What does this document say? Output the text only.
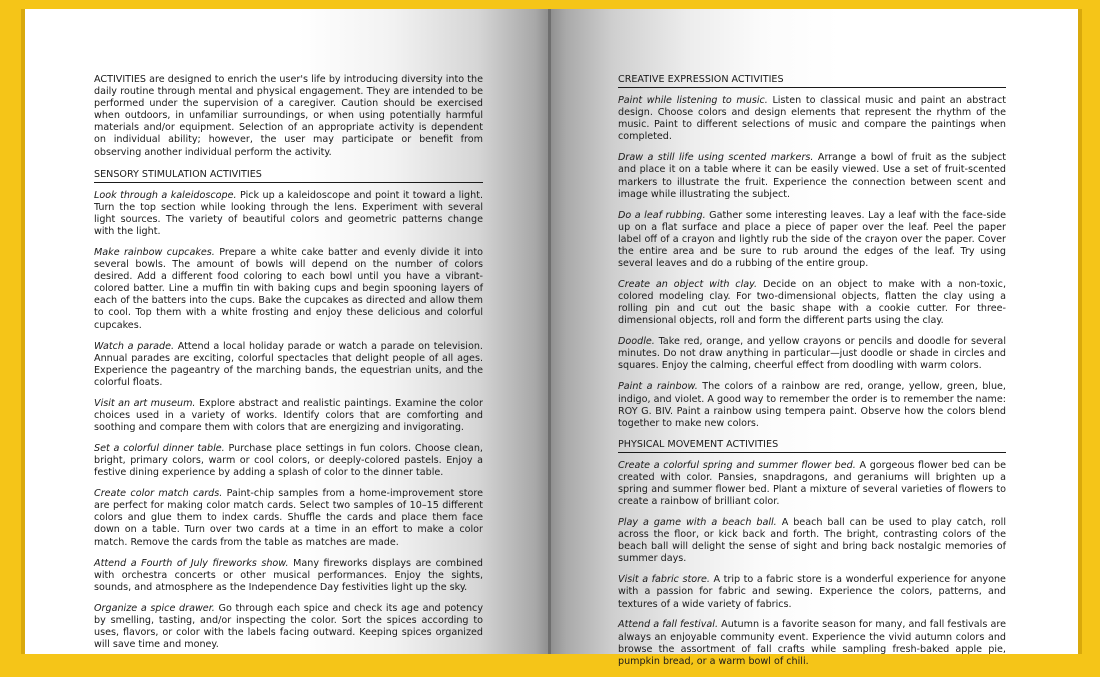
ACTIVITIES are designed to enrich the user's life by introducing diversity into the daily routine through mental and physical engagement. They are intended to be performed under the supervision of a caregiver. Caution should be exercised when outdoors, in unfamiliar surroundings, or when using potentially harmful materials and/or equipment. Selection of an appropriate activity is dependent on individual ability; however, the user may participate or benefit from observing another individual perform the activity.

SENSORY STIMULATION ACTIVITIES

Look through a kaleidoscope. Pick up a kaleidoscope and point it toward a light. Turn the top section while looking through the lens. Experiment with several light sources. The variety of beautiful colors and geometric patterns change with the light.

Make rainbow cupcakes. Prepare a white cake batter and evenly divide it into several bowls. The amount of bowls will depend on the number of colors desired. Add a different food coloring to each bowl until you have a vibrant-colored batter. Line a muffin tin with baking cups and begin spooning layers of each of the batters into the cups. Bake the cupcakes as directed and allow them to cool. Top them with a white frosting and enjoy these delicious and colorful cupcakes.

Watch a parade. Attend a local holiday parade or watch a parade on television. Annual parades are exciting, colorful spectacles that delight people of all ages. Experience the pageantry of the marching bands, the equestrian units, and the colorful floats.

Visit an art museum. Explore abstract and realistic paintings. Examine the color choices used in a variety of works. Identify colors that are comforting and soothing and compare them with colors that are energizing and invigorating.

Set a colorful dinner table. Purchase place settings in fun colors. Choose clean, bright, primary colors, warm or cool colors, or deeply-colored pastels. Enjoy a festive dining experience by adding a splash of color to the dinner table.

Create color match cards. Paint-chip samples from a home-improvement store are perfect for making color match cards. Select two samples of 10–15 different colors and glue them to index cards. Shuffle the cards and place them face down on a table. Turn over two cards at a time in an effort to make a color match. Remove the cards from the table as matches are made.

Attend a Fourth of July fireworks show. Many fireworks displays are combined with orchestra concerts or other musical performances. Enjoy the sights, sounds, and atmosphere as the Independence Day festivities light up the sky.

Organize a spice drawer. Go through each spice and check its age and potency by smelling, tasting, and/or inspecting the color. Sort the spices according to uses, flavors, or color with the labels facing outward. Keeping spices organized will save time and money.

CREATIVE EXPRESSION ACTIVITIES

Paint while listening to music. Listen to classical music and paint an abstract design. Choose colors and design elements that represent the rhythm of the music. Paint to different selections of music and compare the paintings when completed.

Draw a still life using scented markers. Arrange a bowl of fruit as the subject and place it on a table where it can be easily viewed. Use a set of fruit-scented markers to illustrate the fruit. Experience the connection between scent and image while illustrating the subject.

Do a leaf rubbing. Gather some interesting leaves. Lay a leaf with the face-side up on a flat surface and place a piece of paper over the leaf. Peel the paper label off of a crayon and lightly rub the side of the crayon over the paper. Cover the entire area and be sure to rub around the edges of the leaf. Try using several leaves and do a rubbing of the entire group.

Create an object with clay. Decide on an object to make with a non-toxic, colored modeling clay. For two-dimensional objects, flatten the clay using a rolling pin and cut out the basic shape with a cookie cutter. For three-dimensional objects, roll and form the different parts using the clay.

Doodle. Take red, orange, and yellow crayons or pencils and doodle for several minutes. Do not draw anything in particular—just doodle or shade in circles and squares. Enjoy the calming, cheerful effect from doodling with warm colors.

Paint a rainbow. The colors of a rainbow are red, orange, yellow, green, blue, indigo, and violet. A good way to remember the order is to remember the name: ROY G. BIV. Paint a rainbow using tempera paint. Observe how the colors blend together to make new colors.

PHYSICAL MOVEMENT ACTIVITIES

Create a colorful spring and summer flower bed. A gorgeous flower bed can be created with color. Pansies, snapdragons, and geraniums will brighten up a spring and summer flower bed. Plant a mixture of several varieties of flowers to create a rainbow of brilliant color.

Play a game with a beach ball. A beach ball can be used to play catch, roll across the floor, or kick back and forth. The bright, contrasting colors of the beach ball will delight the sense of sight and bring back nostalgic memories of summer days.

Visit a fabric store. A trip to a fabric store is a wonderful experience for anyone with a passion for fabric and sewing. Experience the colors, patterns, and textures of a wide variety of fabrics.

Attend a fall festival. Autumn is a favorite season for many, and fall festivals are always an enjoyable community event. Experience the vivid autumn colors and browse the assortment of fall crafts while sampling fresh-baked apple pie, pumpkin bread, or a warm bowl of chili.
